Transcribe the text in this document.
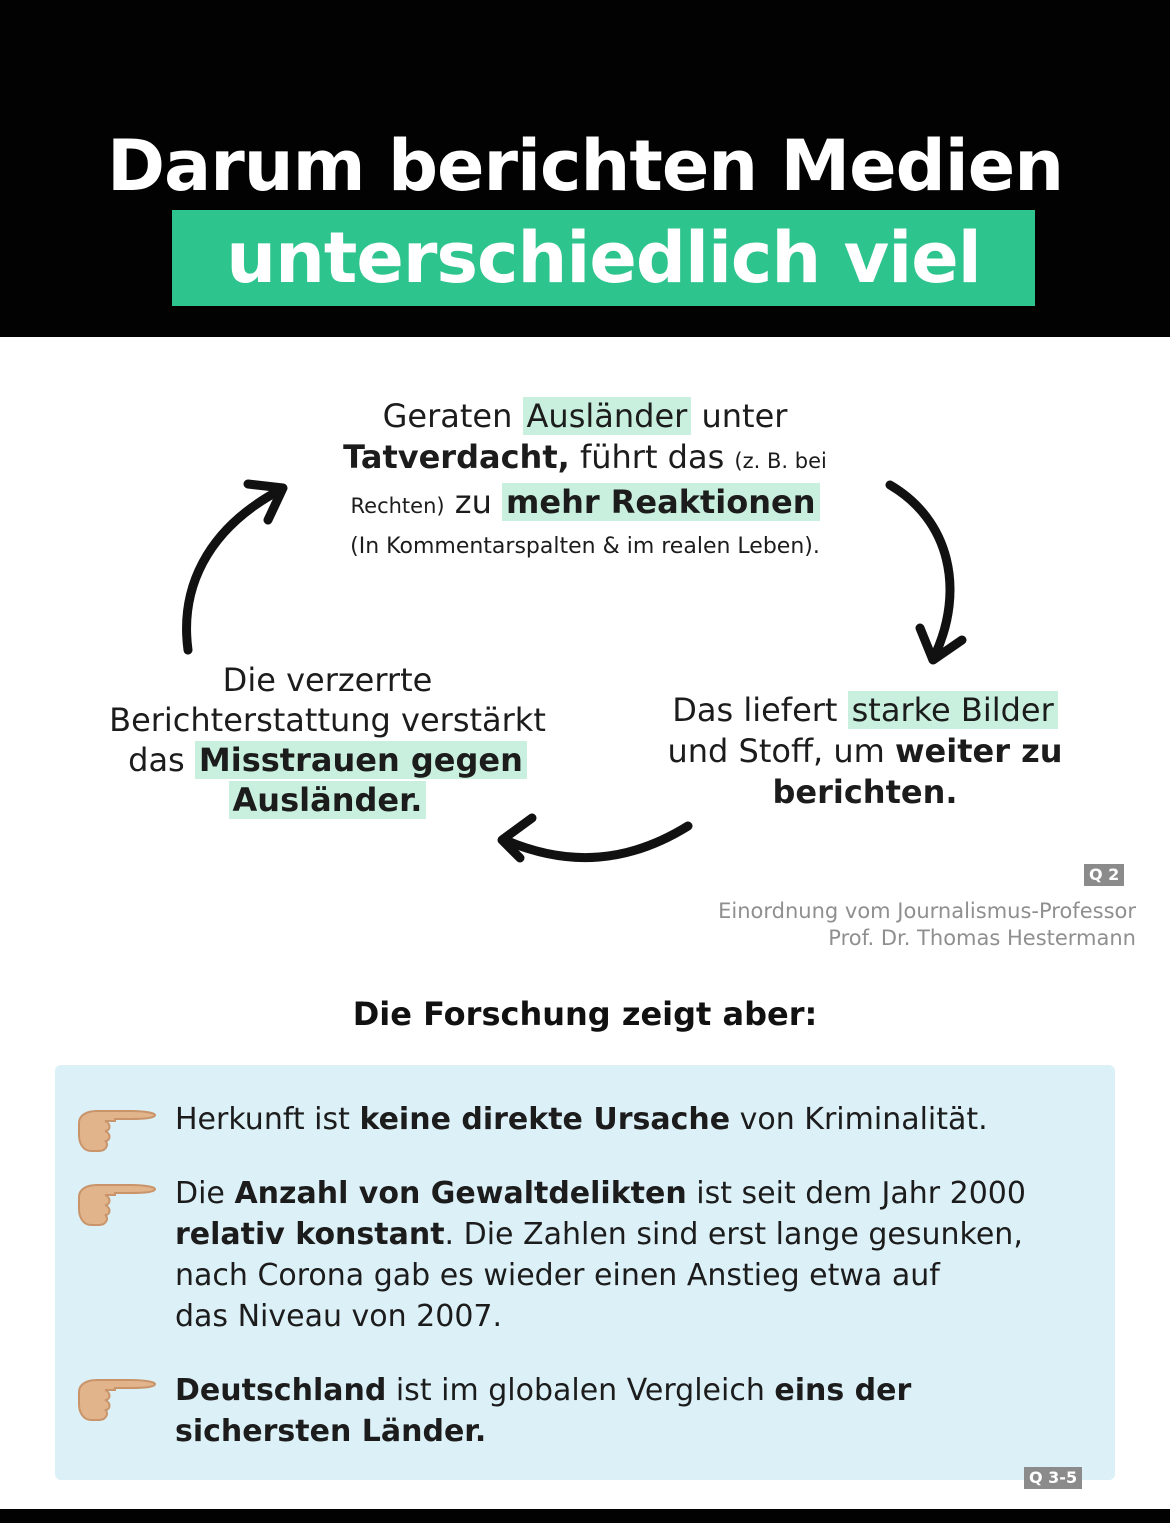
Darum berichten Medien
unterschiedlich viel
Geraten Ausländer unter
Tatverdacht, führt das (z. B. bei
Rechten) zu mehr Reaktionen
(In Kommentarspalten & im realen Leben).
Das liefert starke Bilder
und Stoff, um weiter zu
berichten.
Die verzerrte
Berichterstattung verstärkt
das Misstrauen gegen
Ausländer.
Q 2
Einordnung vom Journalismus-Professor
Prof. Dr. Thomas Hestermann
Die Forschung zeigt aber:
Herkunft ist keine direkte Ursache von Kriminalität.
Die Anzahl von Gewaltdelikten ist seit dem Jahr 2000
relativ konstant. Die Zahlen sind erst lange gesunken,
nach Corona gab es wieder einen Anstieg etwa auf
das Niveau von 2007.
Deutschland ist im globalen Vergleich eins der
sichersten Länder.
Q 3-5
